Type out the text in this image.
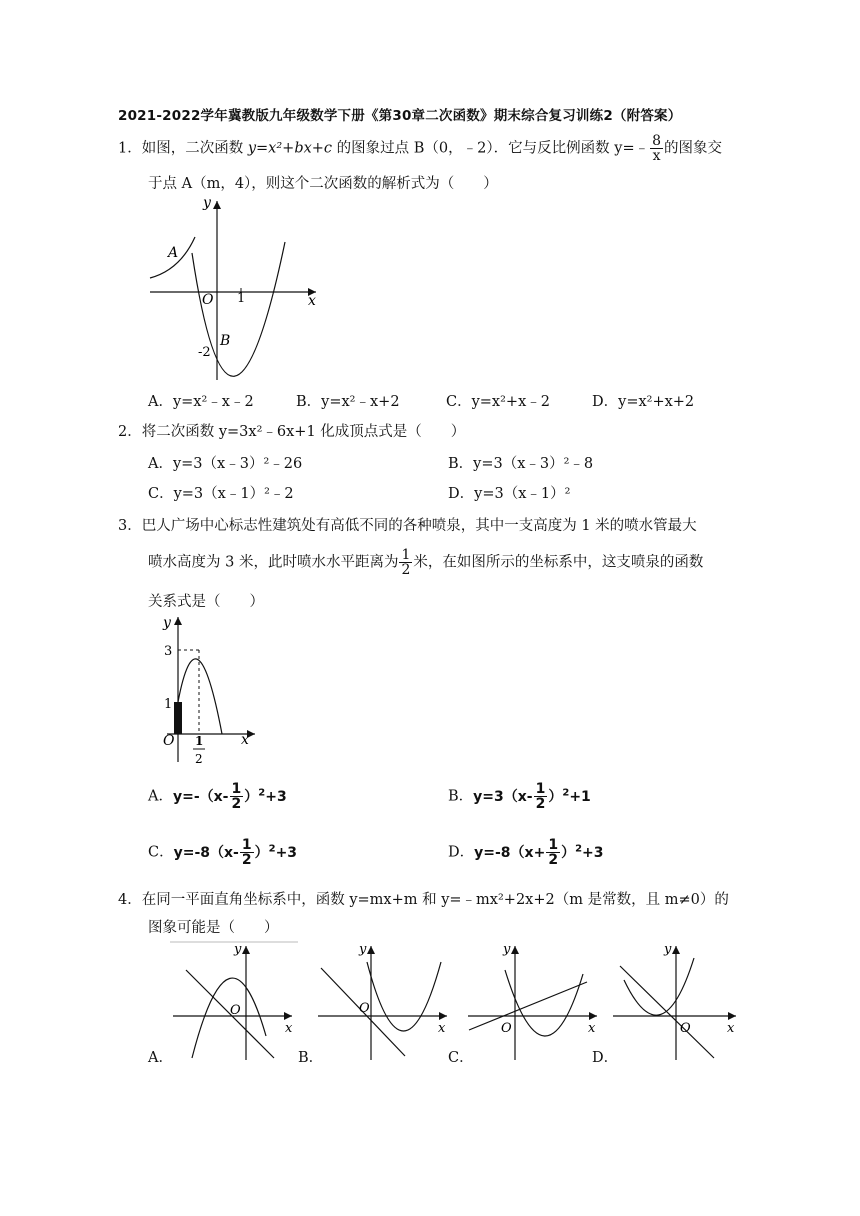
2021-2022学年冀教版九年级数学下册《第30章二次函数》期末综合复习训练2（附答案）
1．如图，二次函数 y=x²+bx+c 的图象过点 B（0，﹣2）．它与反比例函数 y=﹣ $\frac{8}{x}$ 的图象交
于点 A（m，4），则这个二次函数的解析式为（　　）
y
x
O 1
A
B
-2
A．y=x²﹣x﹣2	B．y=x²﹣x+2	C．y=x²+x﹣2	D．y=x²+x+2
2．将二次函数 y=3x²﹣6x+1 化成顶点式是（　　）
A．y=3（x﹣3）²﹣26	B．y=3（x﹣3）²﹣8
C．y=3（x﹣1）²﹣2	D．y=3（x﹣1）²
3．巴人广场中心标志性建筑处有高低不同的各种喷泉，其中一支高度为 1 米的喷水管最大
喷水高度为 3 米，此时喷水水平距离为 $\frac{1}{2}$ 米，在如图所示的坐标系中，这支喷泉的函数
关系式是（　　）
y
x
O
3
1
1
2
A．$y=-(x- \frac{1}{2} )^2+3$	B．$y=3(x- \frac{1}{2} )^2+1$
C．$y=-8(x- \frac{1}{2} )^2+3$	D．$y=-8(x+ \frac{1}{2} )^2+3$
4．在同一平面直角坐标系中，函数 y=mx+m 和 y=﹣mx²+2x+2（m 是常数，且 m≠0）的
图象可能是（　　）
y
x
O
A．
y
x
O
B．
y
x
O
C．
y
x
O
D．
